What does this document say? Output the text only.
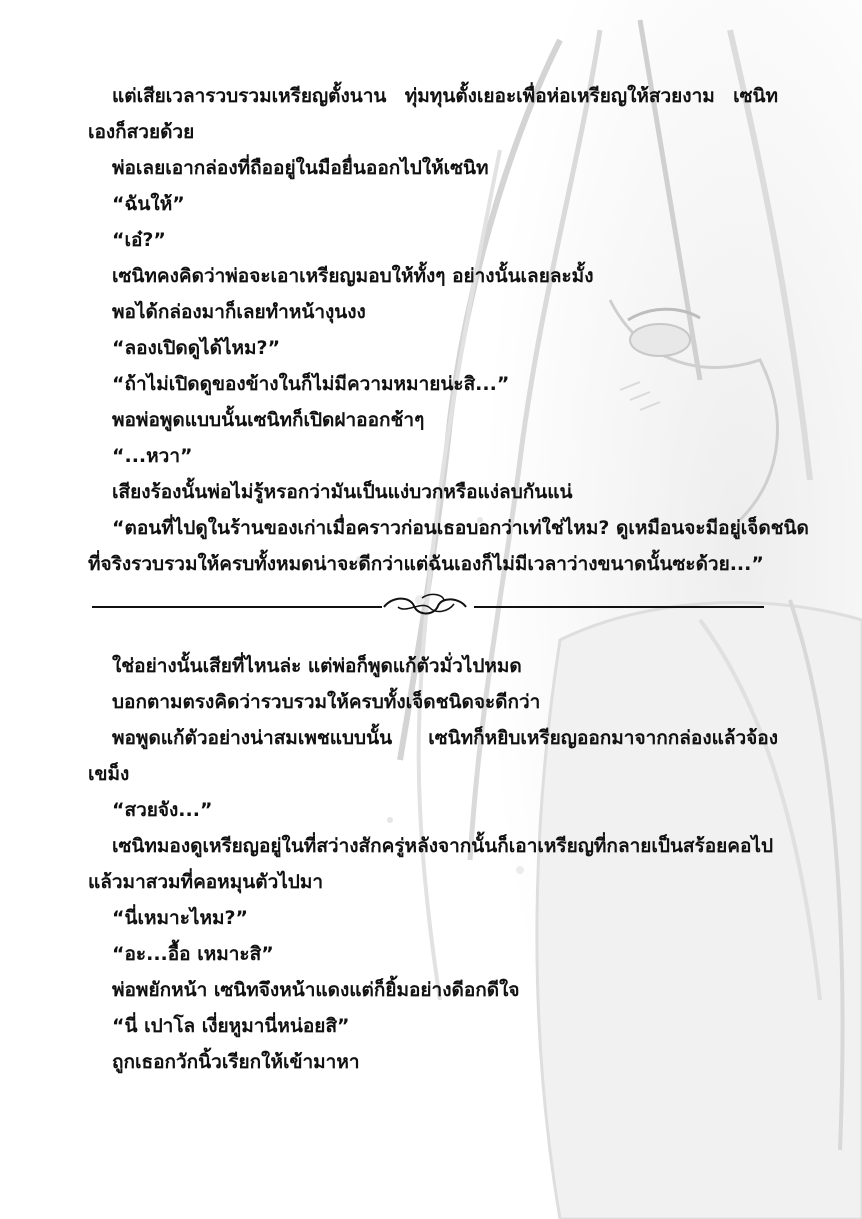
แต่เสียเวลารวบรวมเหรียญตั้งนาน ทุ่มทุนตั้งเยอะเพื่อห่อเหรียญให้สวยงาม เซนิท
เองก็สวยด้วย
พ่อเลยเอากล่องที่ถืออยู่ในมือยื่นออกไปให้เซนิท
“ฉันให้”
“เอ๋?”
เซนิทคงคิดว่าพ่อจะเอาเหรียญมอบให้ทั้งๆ อย่างนั้นเลยละมั้ง
พอได้กล่องมาก็เลยทำหน้างุนงง
“ลองเปิดดูได้ไหม?”
“ถ้าไม่เปิดดูของข้างในก็ไม่มีความหมายน่ะสิ...”
พอพ่อพูดแบบนั้นเซนิทก็เปิดฝาออกช้าๆ
“...หวา”
เสียงร้องนั้นพ่อไม่รู้หรอกว่ามันเป็นแง่บวกหรือแง่ลบกันแน่
“ตอนที่ไปดูในร้านของเก่าเมื่อคราวก่อนเธอบอกว่าเท่ใช่ไหม? ดูเหมือนจะมีอยู่เจ็ดชนิด
ที่จริงรวบรวมให้ครบทั้งหมดน่าจะดีกว่าแต่ฉันเองก็ไม่มีเวลาว่างขนาดนั้นซะด้วย...”
ใช่อย่างนั้นเสียที่ไหนล่ะ แต่พ่อก็พูดแก้ตัวมั่วไปหมด
บอกตามตรงคิดว่ารวบรวมให้ครบทั้งเจ็ดชนิดจะดีกว่า
พอพูดแก้ตัวอย่างน่าสมเพชแบบนั้น เซนิทก็หยิบเหรียญออกมาจากกล่องแล้วจ้อง
เขม็ง
“สวยจัง...”
เซนิทมองดูเหรียญอยู่ในที่สว่างสักครู่หลังจากนั้นก็เอาเหรียญที่กลายเป็นสร้อยคอไป
แล้วมาสวมที่คอหมุนตัวไปมา
“นี่เหมาะไหม?”
“อะ...อื้อ เหมาะสิ”
พ่อพยักหน้า เซนิทจึงหน้าแดงแต่ก็ยิ้มอย่างดีอกดีใจ
“นี่ เปาโล เงี่ยหูมานี่หน่อยสิ”
ถูกเธอกวักนิ้วเรียกให้เข้ามาหา
